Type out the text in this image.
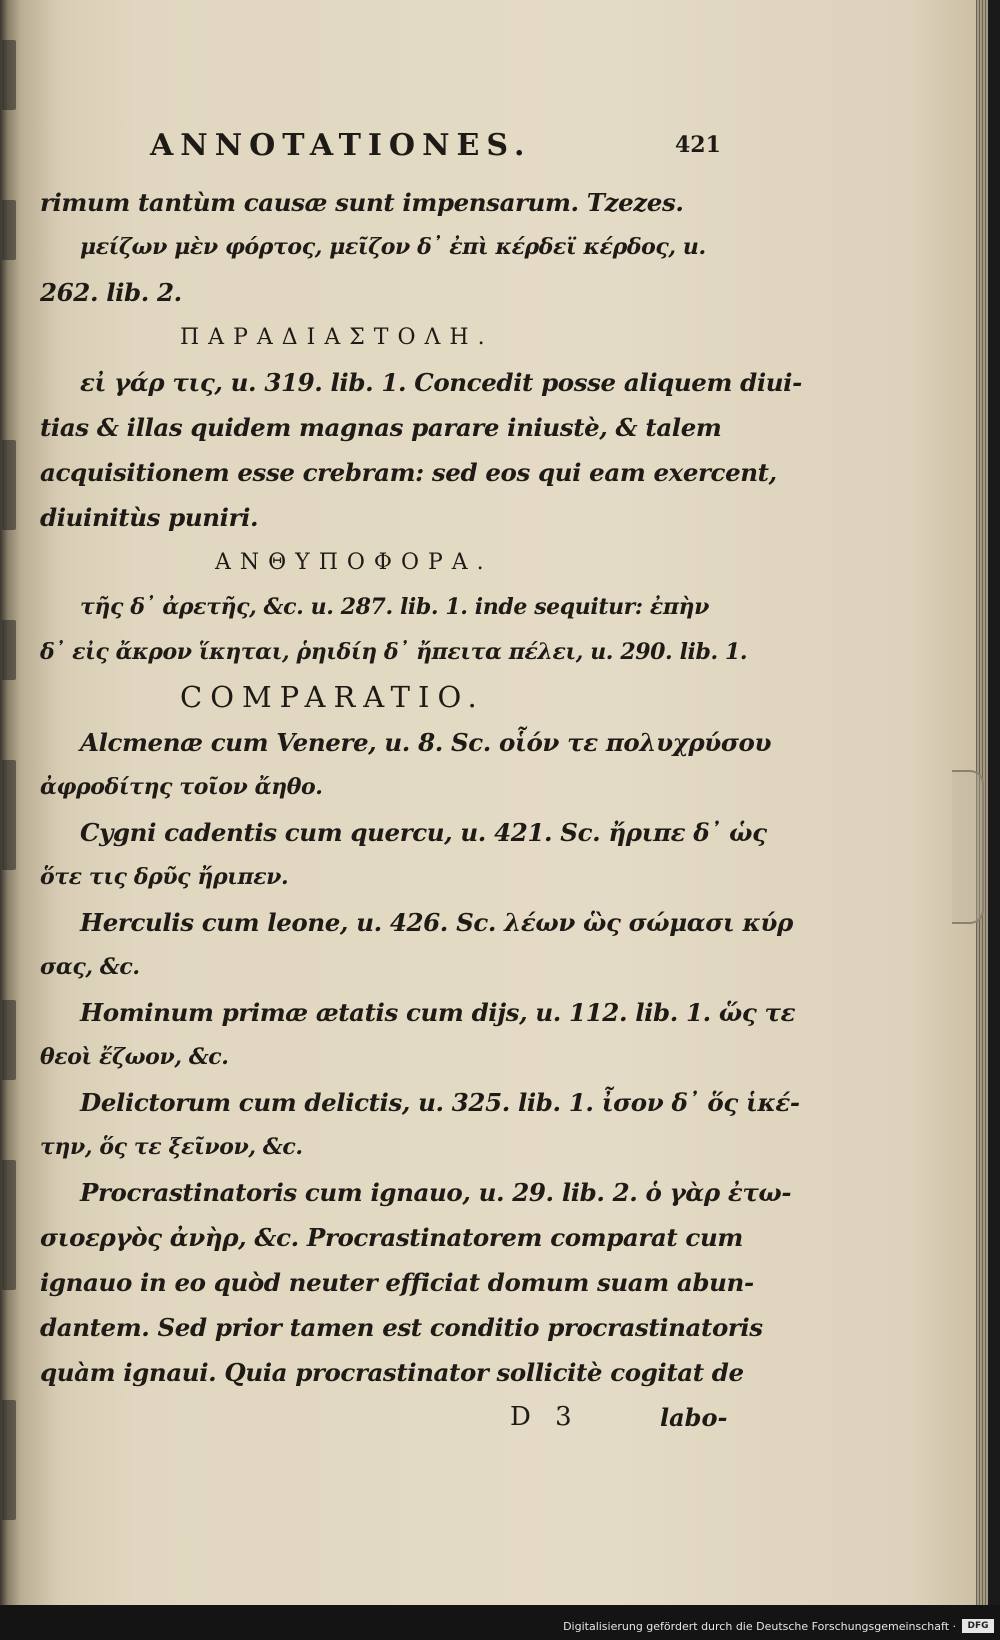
ANNOTATIONES.	421
rimum tantùm causæ sunt impensarum. Tzezes.
μείζων μὲν φόρτος, μεῖζον δ᾿ ἐπὶ κέρδεϊ κέρδος, u.
262. lib. 2.
ΠΑΡΑΔΙΑΣΤΟΛΗ.
εἰ γάρ τις, u. 319. lib. 1. Concedit posse aliquem diui-
tias & illas quidem magnas parare iniustè, & talem
acquisitionem esse crebram: sed eos qui eam exercent,
diuinitùs puniri.
ΑΝΘΥΠΟΦΟΡΑ.
τῆς δ᾿ ἀρετῆς, &c. u. 287. lib. 1. inde sequitur: ἐπὴν
δ᾿ εἰς ἄκρον ἵκηται, ῥηιδίη δ᾿ ἤπειτα πέλει, u. 290. lib. 1.
COMPARATIO.
Alcmenæ cum Venere, u. 8. Sc. οἷόν τε πολυχρύσου
ἀφροδίτης τοῖον ἄηθο.
Cygni cadentis cum quercu, u. 421. Sc. ἤριπε δ᾿ ὡς
ὅτε τις δρῦς ἤριπεν.
Herculis cum leone, u. 426. Sc. λέων ὣς σώμασι κύρ
σας, &c.
Hominum primæ ætatis cum dijs, u. 112. lib. 1. ὥς τε
θεοὶ ἔζωον, &c.
Delictorum cum delictis, u. 325. lib. 1. ἶσον δ᾿ ὅς ἱκέ-
την, ὅς τε ξεῖνον, &c.
Procrastinatoris cum ignauo, u. 29. lib. 2. ὁ γὰρ ἐτω-
σιοεργὸς ἀνὴρ, &c. Procrastinatorem comparat cum
ignauo in eo quòd neuter efficiat domum suam abun-
dantem. Sed prior tamen est conditio procrastinatoris
quàm ignaui. Quia procrastinator sollicitè cogitat de
D 3	labo-
Digitalisierung gefördert durch die Deutsche Forschungsgemeinschaft ·	DFG
